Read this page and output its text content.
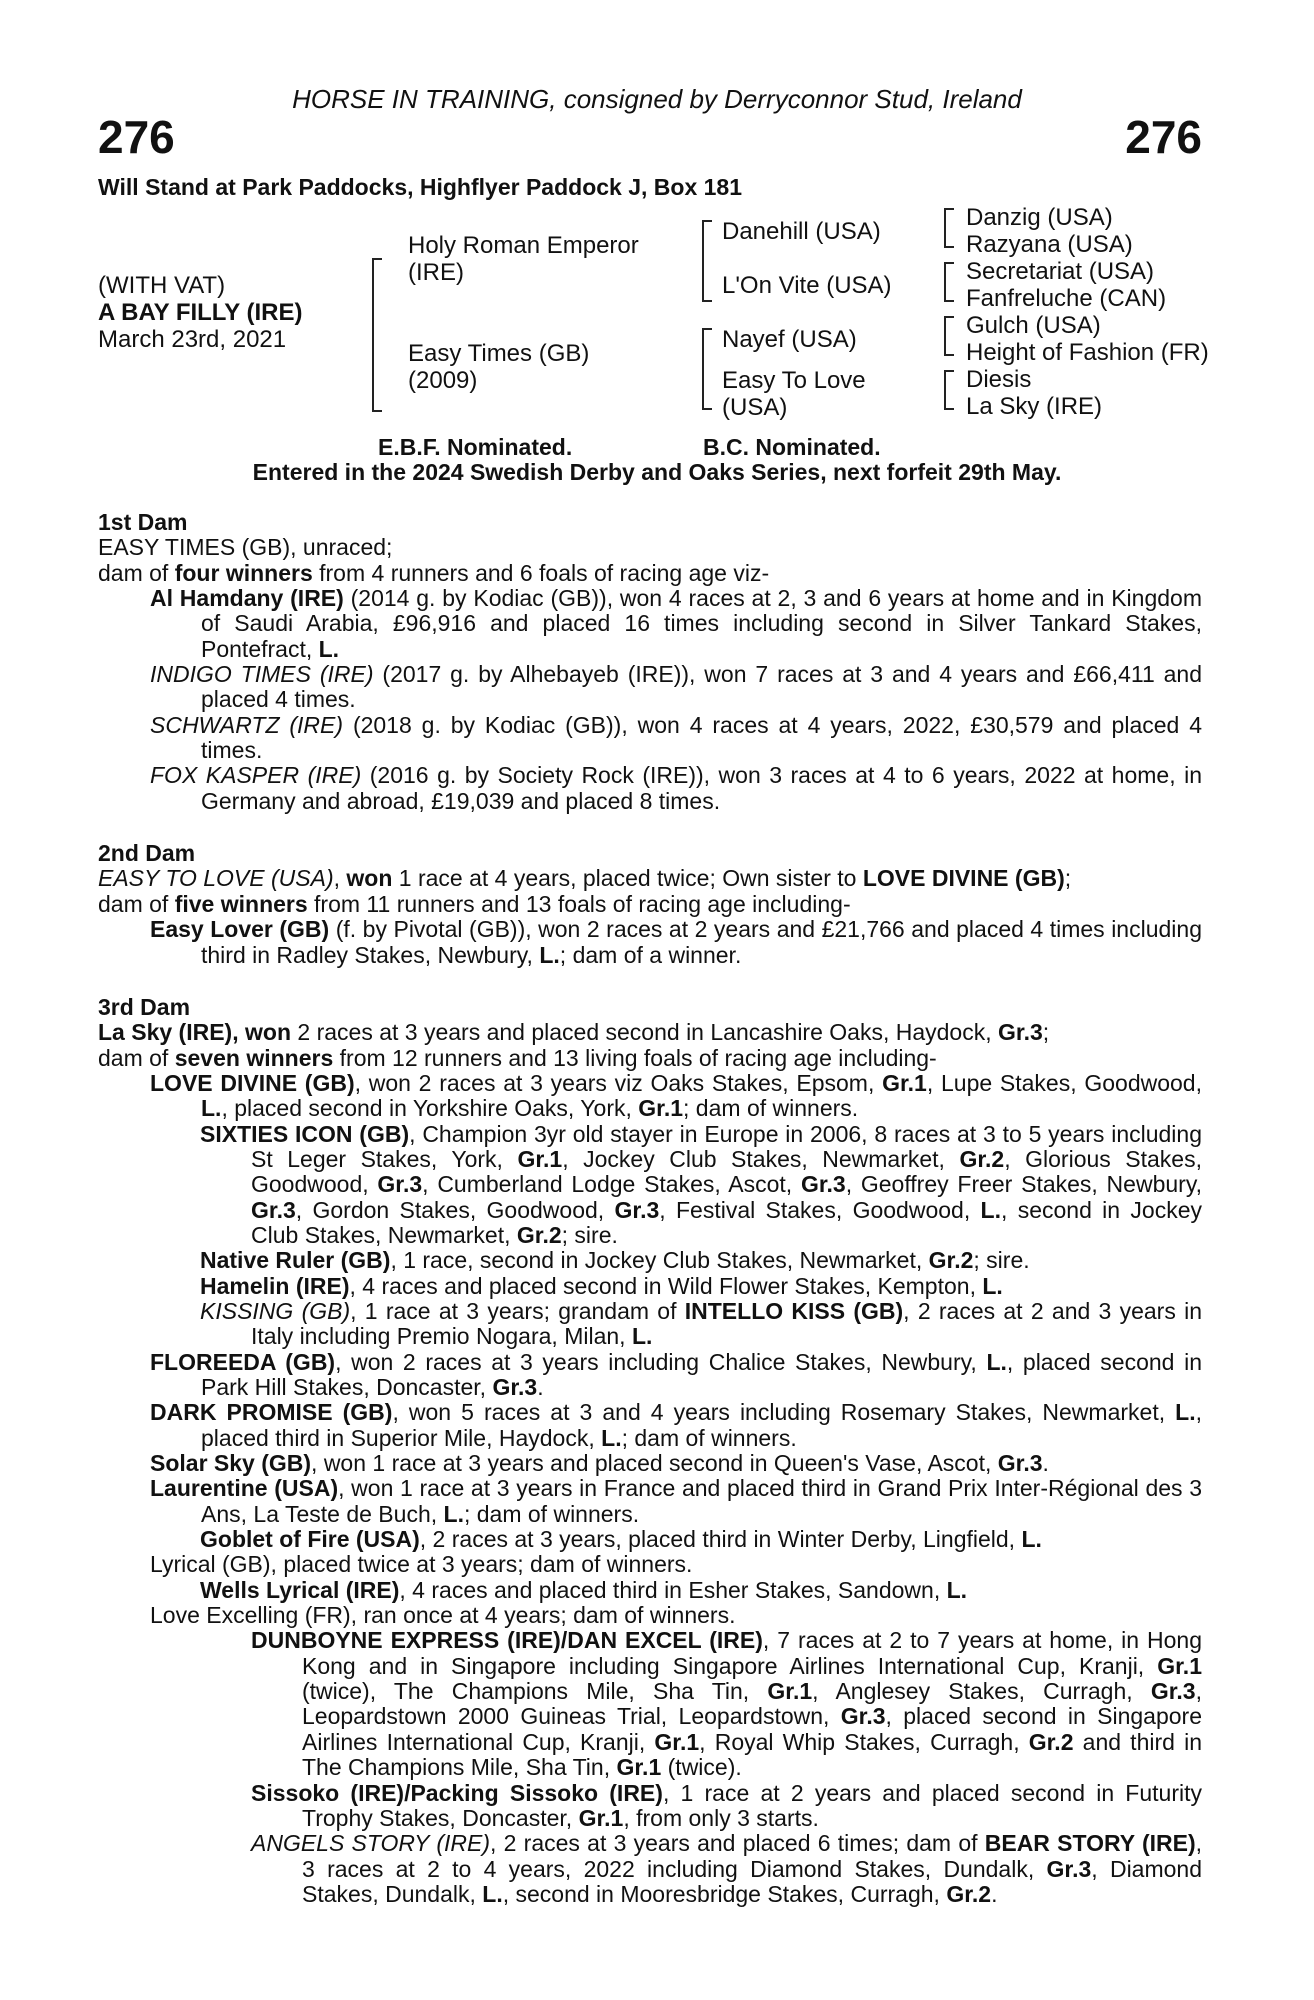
HORSE IN TRAINING, consigned by Derryconnor Stud, Ireland
276	276
Will Stand at Park Paddocks, Highflyer Paddock J, Box 181
(WITH VAT)
A BAY FILLY (IRE)
March 23rd, 2021
Holy Roman Emperor
(IRE)
Easy Times (GB)
(2009)
Danehill (USA)
L'On Vite (USA)
Nayef (USA)
Easy To Love
(USA)
Danzig (USA)
Razyana (USA)
Secretariat (USA)
Fanfreluche (CAN)
Gulch (USA)
Height of Fashion (FR)
Diesis
La Sky (IRE)
E.B.F. Nominated.	B.C. Nominated.
Entered in the 2024 Swedish Derby and Oaks Series, next forfeit 29th May.

1st Dam

EASY TIMES (GB), unraced;

dam of four winners from 4 runners and 6 foals of racing age viz-

Al Hamdany (IRE) (2014 g. by Kodiac (GB)), won 4 races at 2, 3 and 6 years at home and in Kingdom of Saudi Arabia, £96,916 and placed 16 times including second in Silver Tankard Stakes, Pontefract, L.

INDIGO TIMES (IRE) (2017 g. by Alhebayeb (IRE)), won 7 races at 3 and 4 years and £66,411 and placed 4 times.

SCHWARTZ (IRE) (2018 g. by Kodiac (GB)), won 4 races at 4 years, 2022, £30,579 and placed 4 times.

FOX KASPER (IRE) (2016 g. by Society Rock (IRE)), won 3 races at 4 to 6 years, 2022 at home, in Germany and abroad, £19,039 and placed 8 times.

2nd Dam

EASY TO LOVE (USA), won 1 race at 4 years, placed twice; Own sister to LOVE DIVINE (GB);

dam of five winners from 11 runners and 13 foals of racing age including-

Easy Lover (GB) (f. by Pivotal (GB)), won 2 races at 2 years and £21,766 and placed 4 times including third in Radley Stakes, Newbury, L.; dam of a winner.

3rd Dam

La Sky (IRE), won 2 races at 3 years and placed second in Lancashire Oaks, Haydock, Gr.3;

dam of seven winners from 12 runners and 13 living foals of racing age including-

LOVE DIVINE (GB), won 2 races at 3 years viz Oaks Stakes, Epsom, Gr.1, Lupe Stakes, Goodwood, L., placed second in Yorkshire Oaks, York, Gr.1; dam of winners.

SIXTIES ICON (GB), Champion 3yr old stayer in Europe in 2006, 8 races at 3 to 5 years including St Leger Stakes, York, Gr.1, Jockey Club Stakes, Newmarket, Gr.2, Glorious Stakes, Goodwood, Gr.3, Cumberland Lodge Stakes, Ascot, Gr.3, Geoffrey Freer Stakes, Newbury, Gr.3, Gordon Stakes, Goodwood, Gr.3, Festival Stakes, Goodwood, L., second in Jockey Club Stakes, Newmarket, Gr.2; sire.

Native Ruler (GB), 1 race, second in Jockey Club Stakes, Newmarket, Gr.2; sire.

Hamelin (IRE), 4 races and placed second in Wild Flower Stakes, Kempton, L.

KISSING (GB), 1 race at 3 years; grandam of INTELLO KISS (GB), 2 races at 2 and 3 years in Italy including Premio Nogara, Milan, L.

FLOREEDA (GB), won 2 races at 3 years including Chalice Stakes, Newbury, L., placed second in Park Hill Stakes, Doncaster, Gr.3.

DARK PROMISE (GB), won 5 races at 3 and 4 years including Rosemary Stakes, Newmarket, L., placed third in Superior Mile, Haydock, L.; dam of winners.

Solar Sky (GB), won 1 race at 3 years and placed second in Queen's Vase, Ascot, Gr.3.

Laurentine (USA), won 1 race at 3 years in France and placed third in Grand Prix Inter-Régional des 3 Ans, La Teste de Buch, L.; dam of winners.

Goblet of Fire (USA), 2 races at 3 years, placed third in Winter Derby, Lingfield, L.

Lyrical (GB), placed twice at 3 years; dam of winners.

Wells Lyrical (IRE), 4 races and placed third in Esher Stakes, Sandown, L.

Love Excelling (FR), ran once at 4 years; dam of winners.

DUNBOYNE EXPRESS (IRE)/DAN EXCEL (IRE), 7 races at 2 to 7 years at home, in Hong Kong and in Singapore including Singapore Airlines International Cup, Kranji, Gr.1 (twice), The Champions Mile, Sha Tin, Gr.1, Anglesey Stakes, Curragh, Gr.3, Leopardstown 2000 Guineas Trial, Leopardstown, Gr.3, placed second in Singapore Airlines International Cup, Kranji, Gr.1, Royal Whip Stakes, Curragh, Gr.2 and third in The Champions Mile, Sha Tin, Gr.1 (twice).

Sissoko (IRE)/Packing Sissoko (IRE), 1 race at 2 years and placed second in Futurity Trophy Stakes, Doncaster, Gr.1, from only 3 starts.

ANGELS STORY (IRE), 2 races at 3 years and placed 6 times; dam of BEAR STORY (IRE), 3 races at 2 to 4 years, 2022 including Diamond Stakes, Dundalk, Gr.3, Diamond Stakes, Dundalk, L., second in Mooresbridge Stakes, Curragh, Gr.2.
